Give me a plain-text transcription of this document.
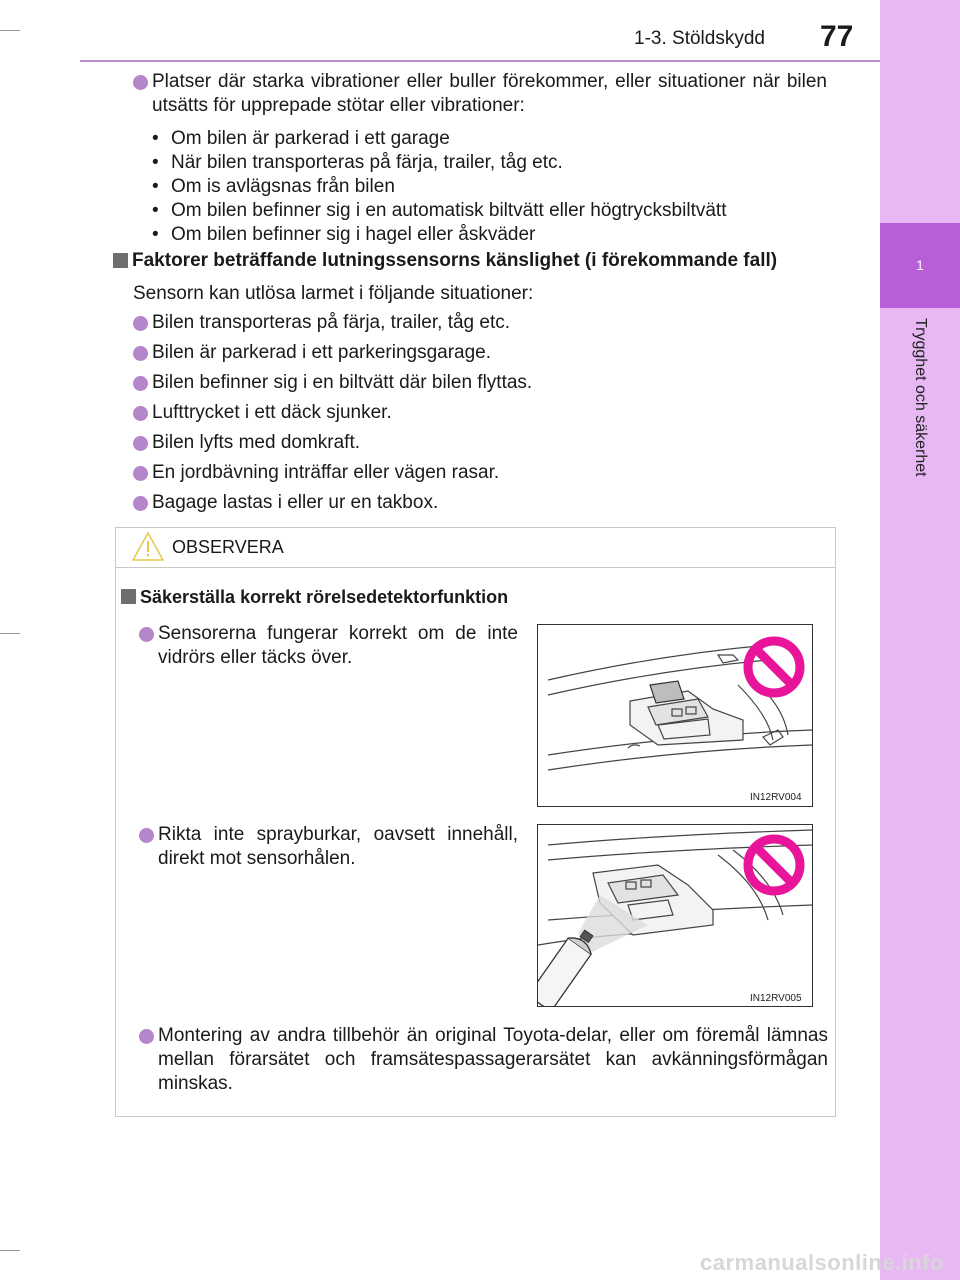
1
Trygghet och säkerhet
1-3. Stöldskydd 77
Platser där starka vibrationer eller buller förekommer, eller situationer när bilen utsätts för upprepade stötar eller vibrationer:
• Om bilen är parkerad i ett garage
• När bilen transporteras på färja, trailer, tåg etc.
• Om is avlägsnas från bilen
• Om bilen befinner sig i en automatisk biltvätt eller högtrycksbiltvätt
• Om bilen befinner sig i hagel eller åskväder
Faktorer beträffande lutningssensorns känslighet (i förekommande fall)
Sensorn kan utlösa larmet i följande situationer:
Bilen transporteras på färja, trailer, tåg etc.
Bilen är parkerad i ett parkeringsgarage.
Bilen befinner sig i en biltvätt där bilen flyttas.
Lufttrycket i ett däck sjunker.
Bilen lyfts med domkraft.
En jordbävning inträffar eller vägen rasar.
Bagage lastas i eller ur en takbox.
OBSERVERA
Säkerställa korrekt rörelsedetektorfunktion
Sensorerna fungerar korrekt om de inte vidrörs eller täcks över.
IN12RV004
Rikta inte sprayburkar, oavsett innehåll, direkt mot sensorhålen.
IN12RV005
Montering av andra tillbehör än original Toyota-delar, eller om föremål lämnas mellan förarsätet och framsätespassagerarsätet kan avkänningsförmågan minskas.
carmanualsonline.info
